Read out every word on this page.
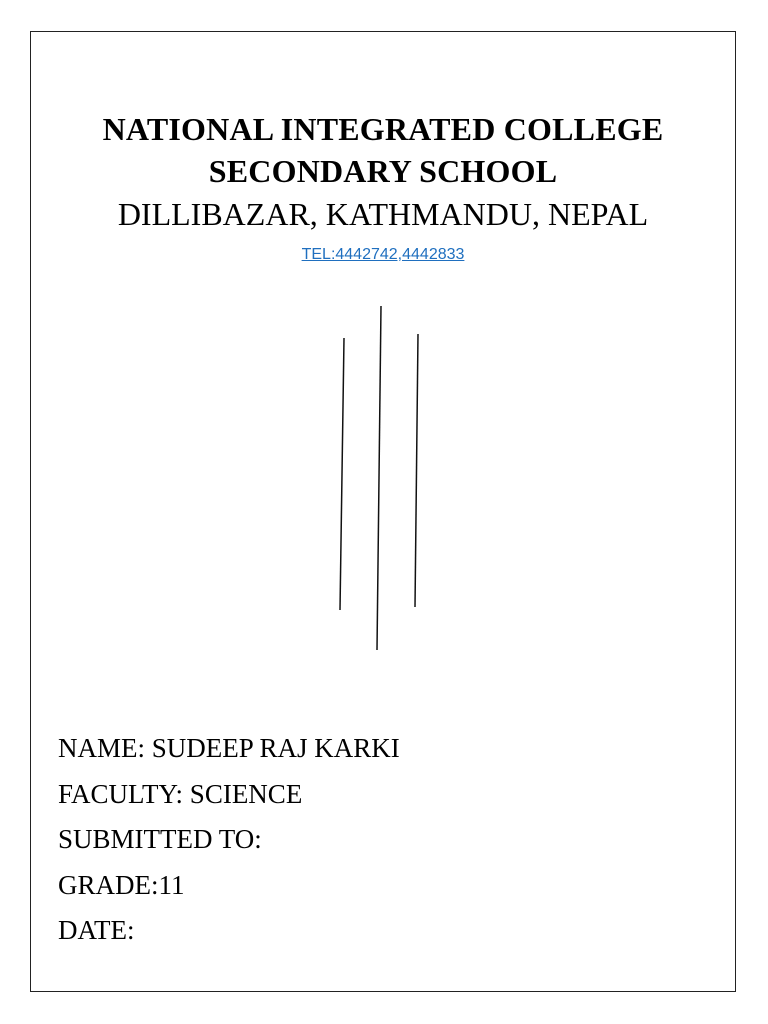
NATIONAL INTEGRATED COLLEGE
SECONDARY SCHOOL
DILLIBAZAR, KATHMANDU, NEPAL
TEL:4442742,4442833
NAME: SUDEEP RAJ KARKI
FACULTY: SCIENCE
SUBMITTED TO:
GRADE:11
DATE:
